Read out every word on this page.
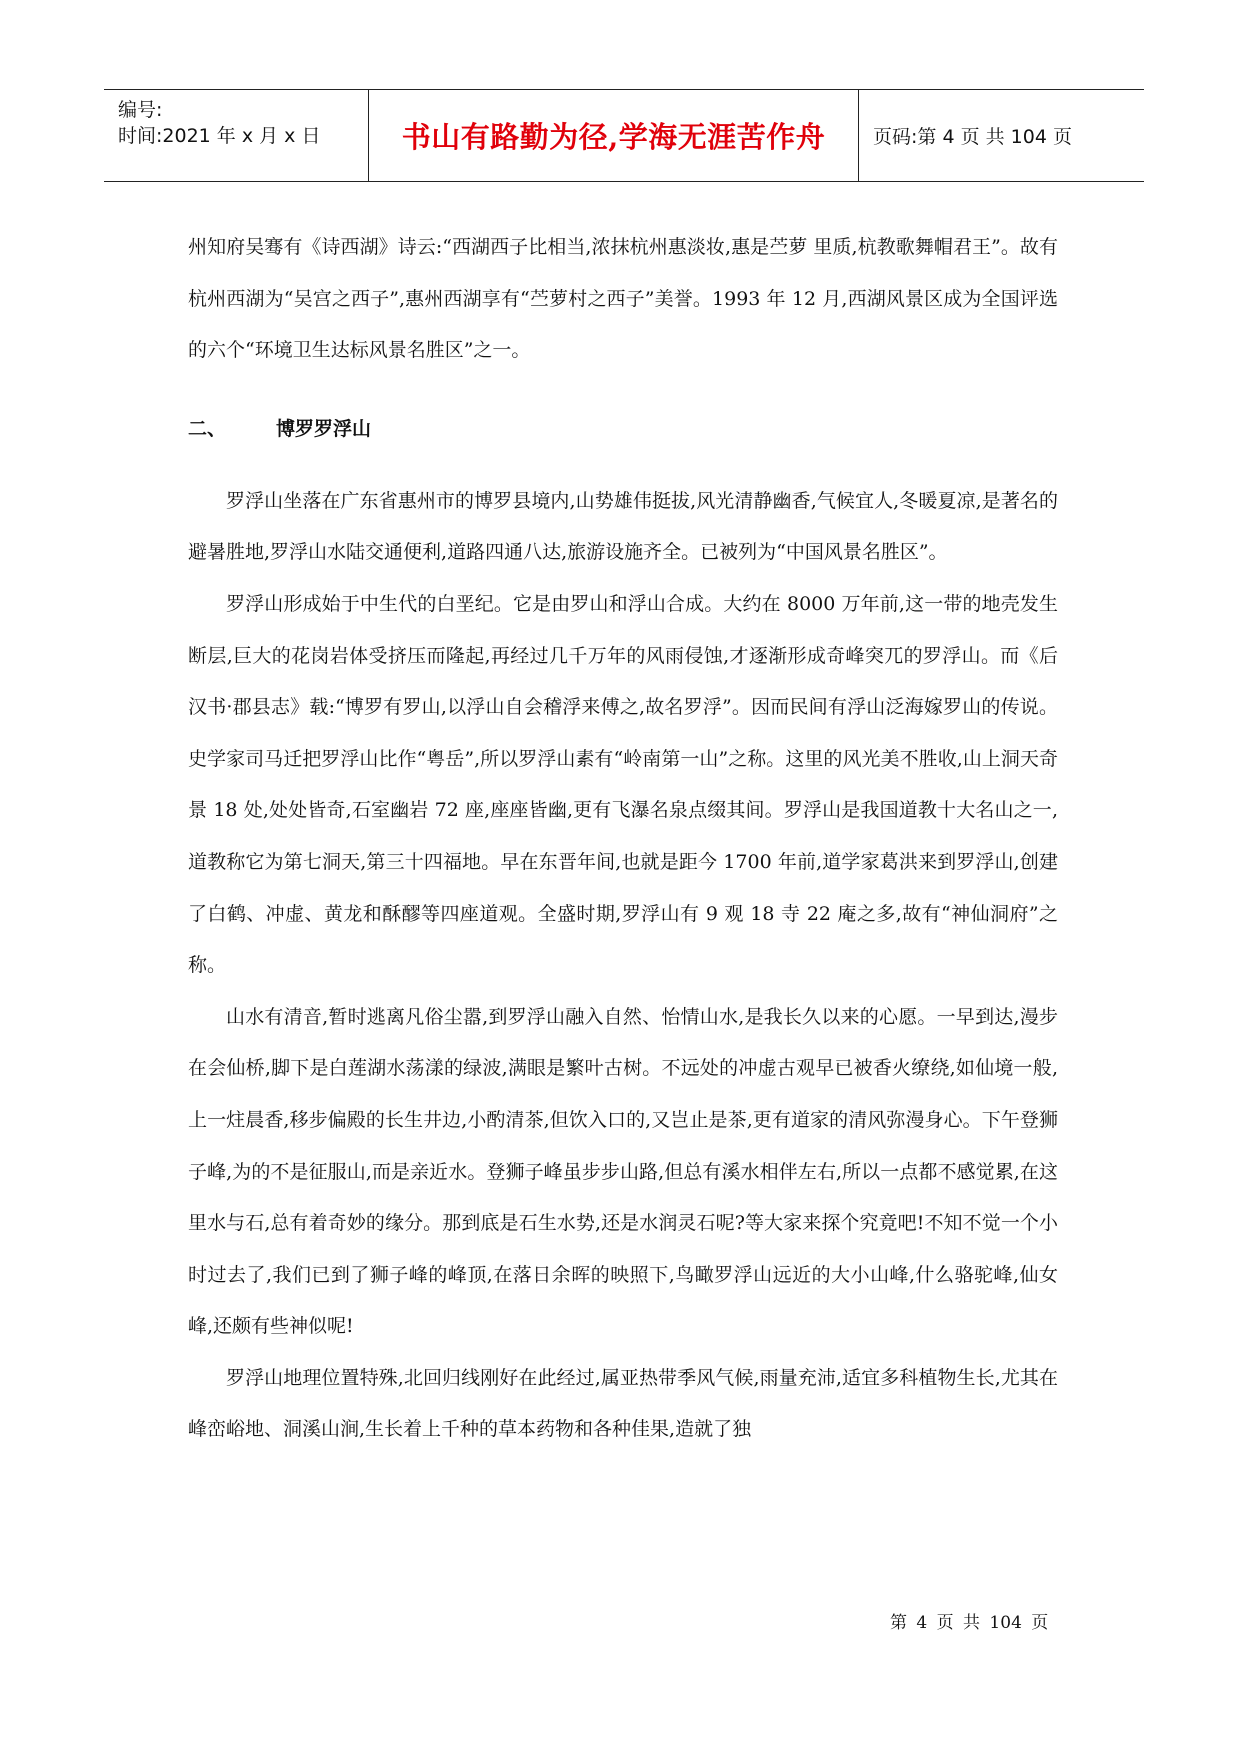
编号:
时间:2021 年 x 月 x 日	书山有路勤为径,学海无涯苦作舟	页码:第 4 页 共 104 页

州知府吴骞有《诗西湖》诗云:“西湖西子比相当,浓抹杭州惠淡妆,惠是苎萝 里质,杭教歌舞帽君王”。故有杭州西湖为“吴宫之西子”,惠州西湖享有“苎萝村之西子”美誉。1993 年 12 月,西湖风景区成为全国评选的六个“环境卫生达标风景名胜区”之一。

二、	博罗罗浮山

罗浮山坐落在广东省惠州市的博罗县境内,山势雄伟挺拔,风光清静幽香,气候宜人,冬暖夏凉,是著名的避暑胜地,罗浮山水陆交通便利,道路四通八达,旅游设施齐全。已被列为“中国风景名胜区”。

罗浮山形成始于中生代的白垩纪。它是由罗山和浮山合成。大约在 8000 万年前,这一带的地壳发生断层,巨大的花岗岩体受挤压而隆起,再经过几千万年的风雨侵蚀,才逐渐形成奇峰突兀的罗浮山。而《后汉书·郡县志》载:“博罗有罗山,以浮山自会稽浮来傅之,故名罗浮”。因而民间有浮山泛海嫁罗山的传说。史学家司马迁把罗浮山比作“粤岳”,所以罗浮山素有“岭南第一山”之称。这里的风光美不胜收,山上洞天奇景 18 处,处处皆奇,石室幽岩 72 座,座座皆幽,更有飞瀑名泉点缀其间。罗浮山是我国道教十大名山之一,道教称它为第七洞天,第三十四福地。早在东晋年间,也就是距今 1700 年前,道学家葛洪来到罗浮山,创建了白鹤、冲虚、黄龙和酥醪等四座道观。全盛时期,罗浮山有 9 观 18 寺 22 庵之多,故有“神仙洞府”之称。

山水有清音,暂时逃离凡俗尘嚣,到罗浮山融入自然、怡情山水,是我长久以来的心愿。一早到达,漫步在会仙桥,脚下是白莲湖水荡漾的绿波,满眼是繁叶古树。不远处的冲虚古观早已被香火缭绕,如仙境一般,上一炷晨香,移步偏殿的长生井边,小酌清茶,但饮入口的,又岂止是茶,更有道家的清风弥漫身心。下午登狮子峰,为的不是征服山,而是亲近水。登狮子峰虽步步山路,但总有溪水相伴左右,所以一点都不感觉累,在这里水与石,总有着奇妙的缘分。那到底是石生水势,还是水润灵石呢?等大家来探个究竟吧!不知不觉一个小时过去了,我们已到了狮子峰的峰顶,在落日余晖的映照下,鸟瞰罗浮山远近的大小山峰,什么骆驼峰,仙女峰,还颇有些神似呢!

罗浮山地理位置特殊,北回归线刚好在此经过,属亚热带季风气候,雨量充沛,适宜多科植物生长,尤其在峰峦峪地、洞溪山涧,生长着上千种的草本药物和各种佳果,造就了独

第 4 页 共 104 页
